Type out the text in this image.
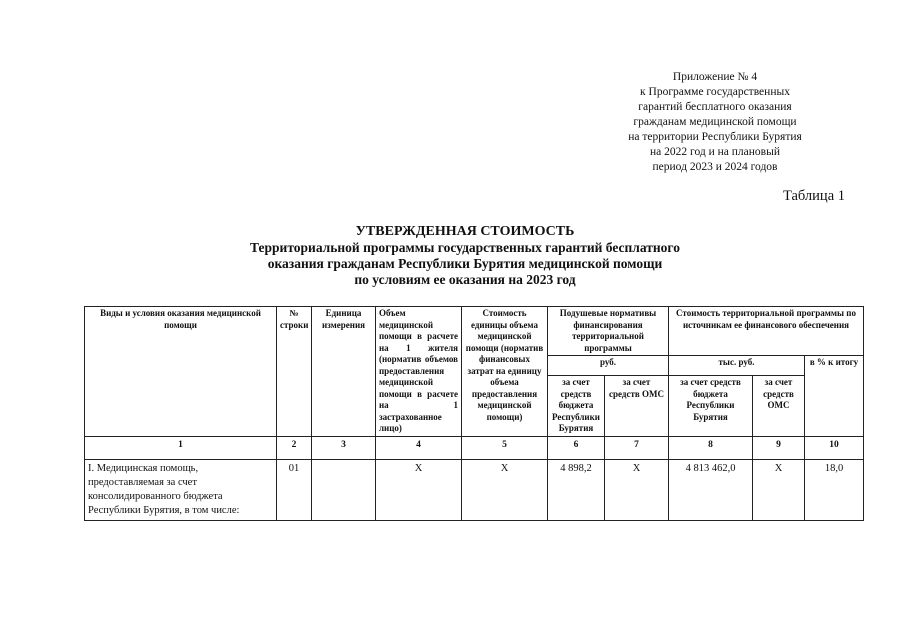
Приложение № 4
к Программе государственных
гарантий бесплатного оказания
гражданам медицинской помощи
на территории Республики Бурятия
на 2022 год и на плановый
период 2023 и 2024 годов
Таблица 1
УТВЕРЖДЕННАЯ СТОИМОСТЬ
Территориальной программы государственных гарантий бесплатного
оказания гражданам Республики Бурятия медицинской помощи
по условиям ее оказания на 2023 год
Виды и условия оказания медицинской помощи	№ строки	Единица измерения	Объем медицинской помощи в расчете на 1 жителя (норматив объемов предоставления медицинской помощи в расчете на 1 застрахованное лицо)	Стоимость единицы объема медицинской помощи (норматив финансовых затрат на единицу объема предоставления медицинской помощи)	Подушевые нормативы финансирования территориальной программы		Стоимость территориальной программы по источникам ее финансового обеспечения		
					руб.		тыс. руб.		в % к итогу
					за счет средств бюджета Республики Бурятия	за счет средств ОМС	за счет средств бюджета Республики Бурятия	за счет средств ОМС	
1	2	3	4	5	6	7	8	9	10
I. Медицинская помощь, предоставляемая за счет консолидированного бюджета Республики Бурятия, в том числе:	01		Х	Х	4 898,2	Х	4 813 462,0	Х	18,0
